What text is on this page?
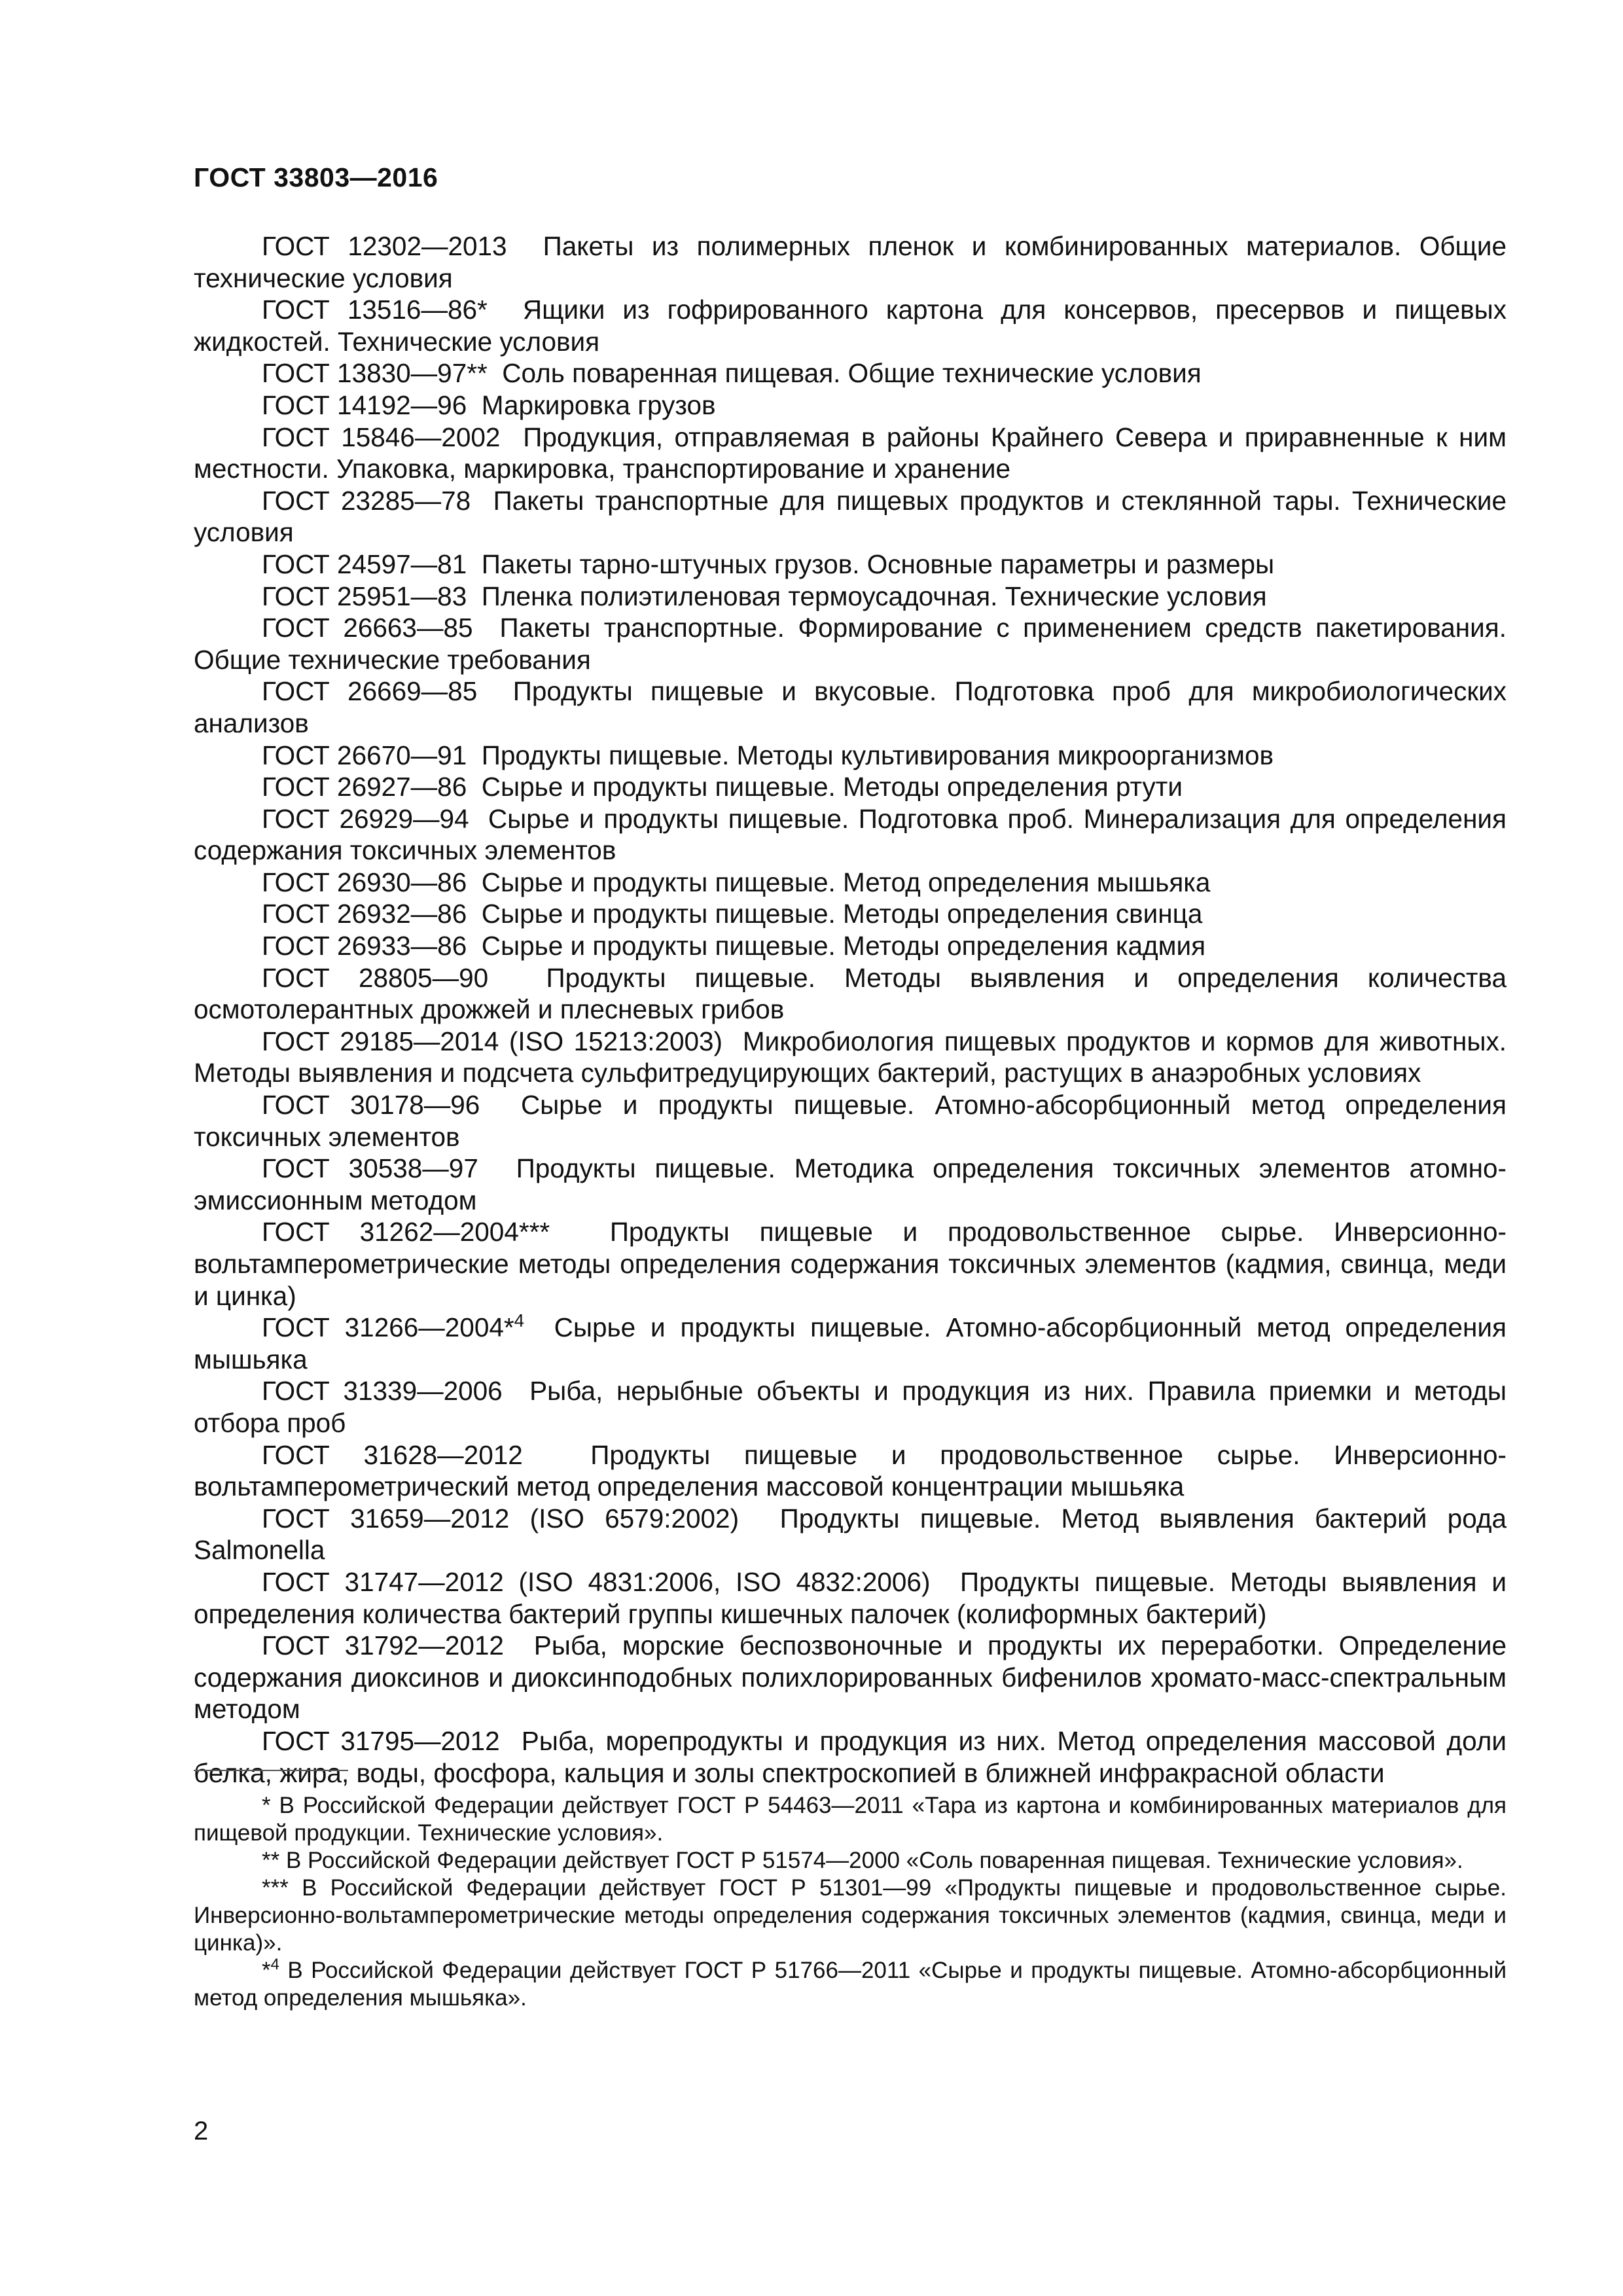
ГОСТ 33803—2016

ГОСТ 12302—2013 Пакеты из полимерных пленок и комбинированных материалов. Общие технические условия

ГОСТ 13516—86* Ящики из гофрированного картона для консервов, пресервов и пищевых жидкостей. Технические условия

ГОСТ 13830—97** Соль поваренная пищевая. Общие технические условия

ГОСТ 14192—96 Маркировка грузов

ГОСТ 15846—2002 Продукция, отправляемая в районы Крайнего Севера и приравненные к ним местности. Упаковка, маркировка, транспортирование и хранение

ГОСТ 23285—78 Пакеты транспортные для пищевых продуктов и стеклянной тары. Технические условия

ГОСТ 24597—81 Пакеты тарно-штучных грузов. Основные параметры и размеры

ГОСТ 25951—83 Пленка полиэтиленовая термоусадочная. Технические условия

ГОСТ 26663—85 Пакеты транспортные. Формирование с применением средств пакетирования. Общие технические требования

ГОСТ 26669—85 Продукты пищевые и вкусовые. Подготовка проб для микробиологических анализов

ГОСТ 26670—91 Продукты пищевые. Методы культивирования микроорганизмов

ГОСТ 26927—86 Сырье и продукты пищевые. Методы определения ртути

ГОСТ 26929—94 Сырье и продукты пищевые. Подготовка проб. Минерализация для определения содержания токсичных элементов

ГОСТ 26930—86 Сырье и продукты пищевые. Метод определения мышьяка

ГОСТ 26932—86 Сырье и продукты пищевые. Методы определения свинца

ГОСТ 26933—86 Сырье и продукты пищевые. Методы определения кадмия

ГОСТ 28805—90 Продукты пищевые. Методы выявления и определения количества осмотолерантных дрожжей и плесневых грибов

ГОСТ 29185—2014 (ISO 15213:2003) Микробиология пищевых продуктов и кормов для животных. Методы выявления и подсчета сульфитредуцирующих бактерий, растущих в анаэробных условиях

ГОСТ 30178—96 Сырье и продукты пищевые. Атомно-абсорбционный метод определения токсичных элементов

ГОСТ 30538—97 Продукты пищевые. Методика определения токсичных элементов атомно-эмиссионным методом

ГОСТ 31262—2004*** Продукты пищевые и продовольственное сырье. Инверсионно-вольтамперометрические методы определения содержания токсичных элементов (кадмия, свинца, меди и цинка)

ГОСТ 31266—2004*$^4$ Сырье и продукты пищевые. Атомно-абсорбционный метод определения мышьяка

ГОСТ 31339—2006 Рыба, нерыбные объекты и продукция из них. Правила приемки и методы отбора проб

ГОСТ 31628—2012	Продукты пищевые и продовольственное сырье. Инверсионно-вольтамперометрический метод определения массовой концентрации мышьяка

ГОСТ 31659—2012 (ISO 6579:2002) Продукты пищевые. Метод выявления бактерий рода Salmonella

ГОСТ 31747—2012 (ISO 4831:2006, ISO 4832:2006) Продукты пищевые. Методы выявления и определения количества бактерий группы кишечных палочек (колиформных бактерий)

ГОСТ 31792—2012 Рыба, морские беспозвоночные и продукты их переработки. Определение содержания диоксинов и диоксинподобных полихлорированных бифенилов хромато-масс-спектральным методом

ГОСТ 31795—2012 Рыба, морепродукты и продукция из них. Метод определения массовой доли белка, жира, воды, фосфора, кальция и золы спектроскопией в ближней инфракрасной области

* В Российской Федерации действует ГОСТ Р 54463—2011 «Тара из картона и комбинированных материалов для пищевой продукции. Технические условия».

** В Российской Федерации действует ГОСТ Р 51574—2000 «Соль поваренная пищевая. Технические условия».

*** В Российской Федерации действует ГОСТ Р 51301—99 «Продукты пищевые и продовольственное сырье. Инверсионно-вольтамперометрические методы определения содержания токсичных элементов (кадмия, свинца, меди и цинка)».

*$^4$ В Российской Федерации действует ГОСТ Р 51766—2011 «Сырье и продукты пищевые. Атомно-абсорбционный метод определения мышьяка».

2
